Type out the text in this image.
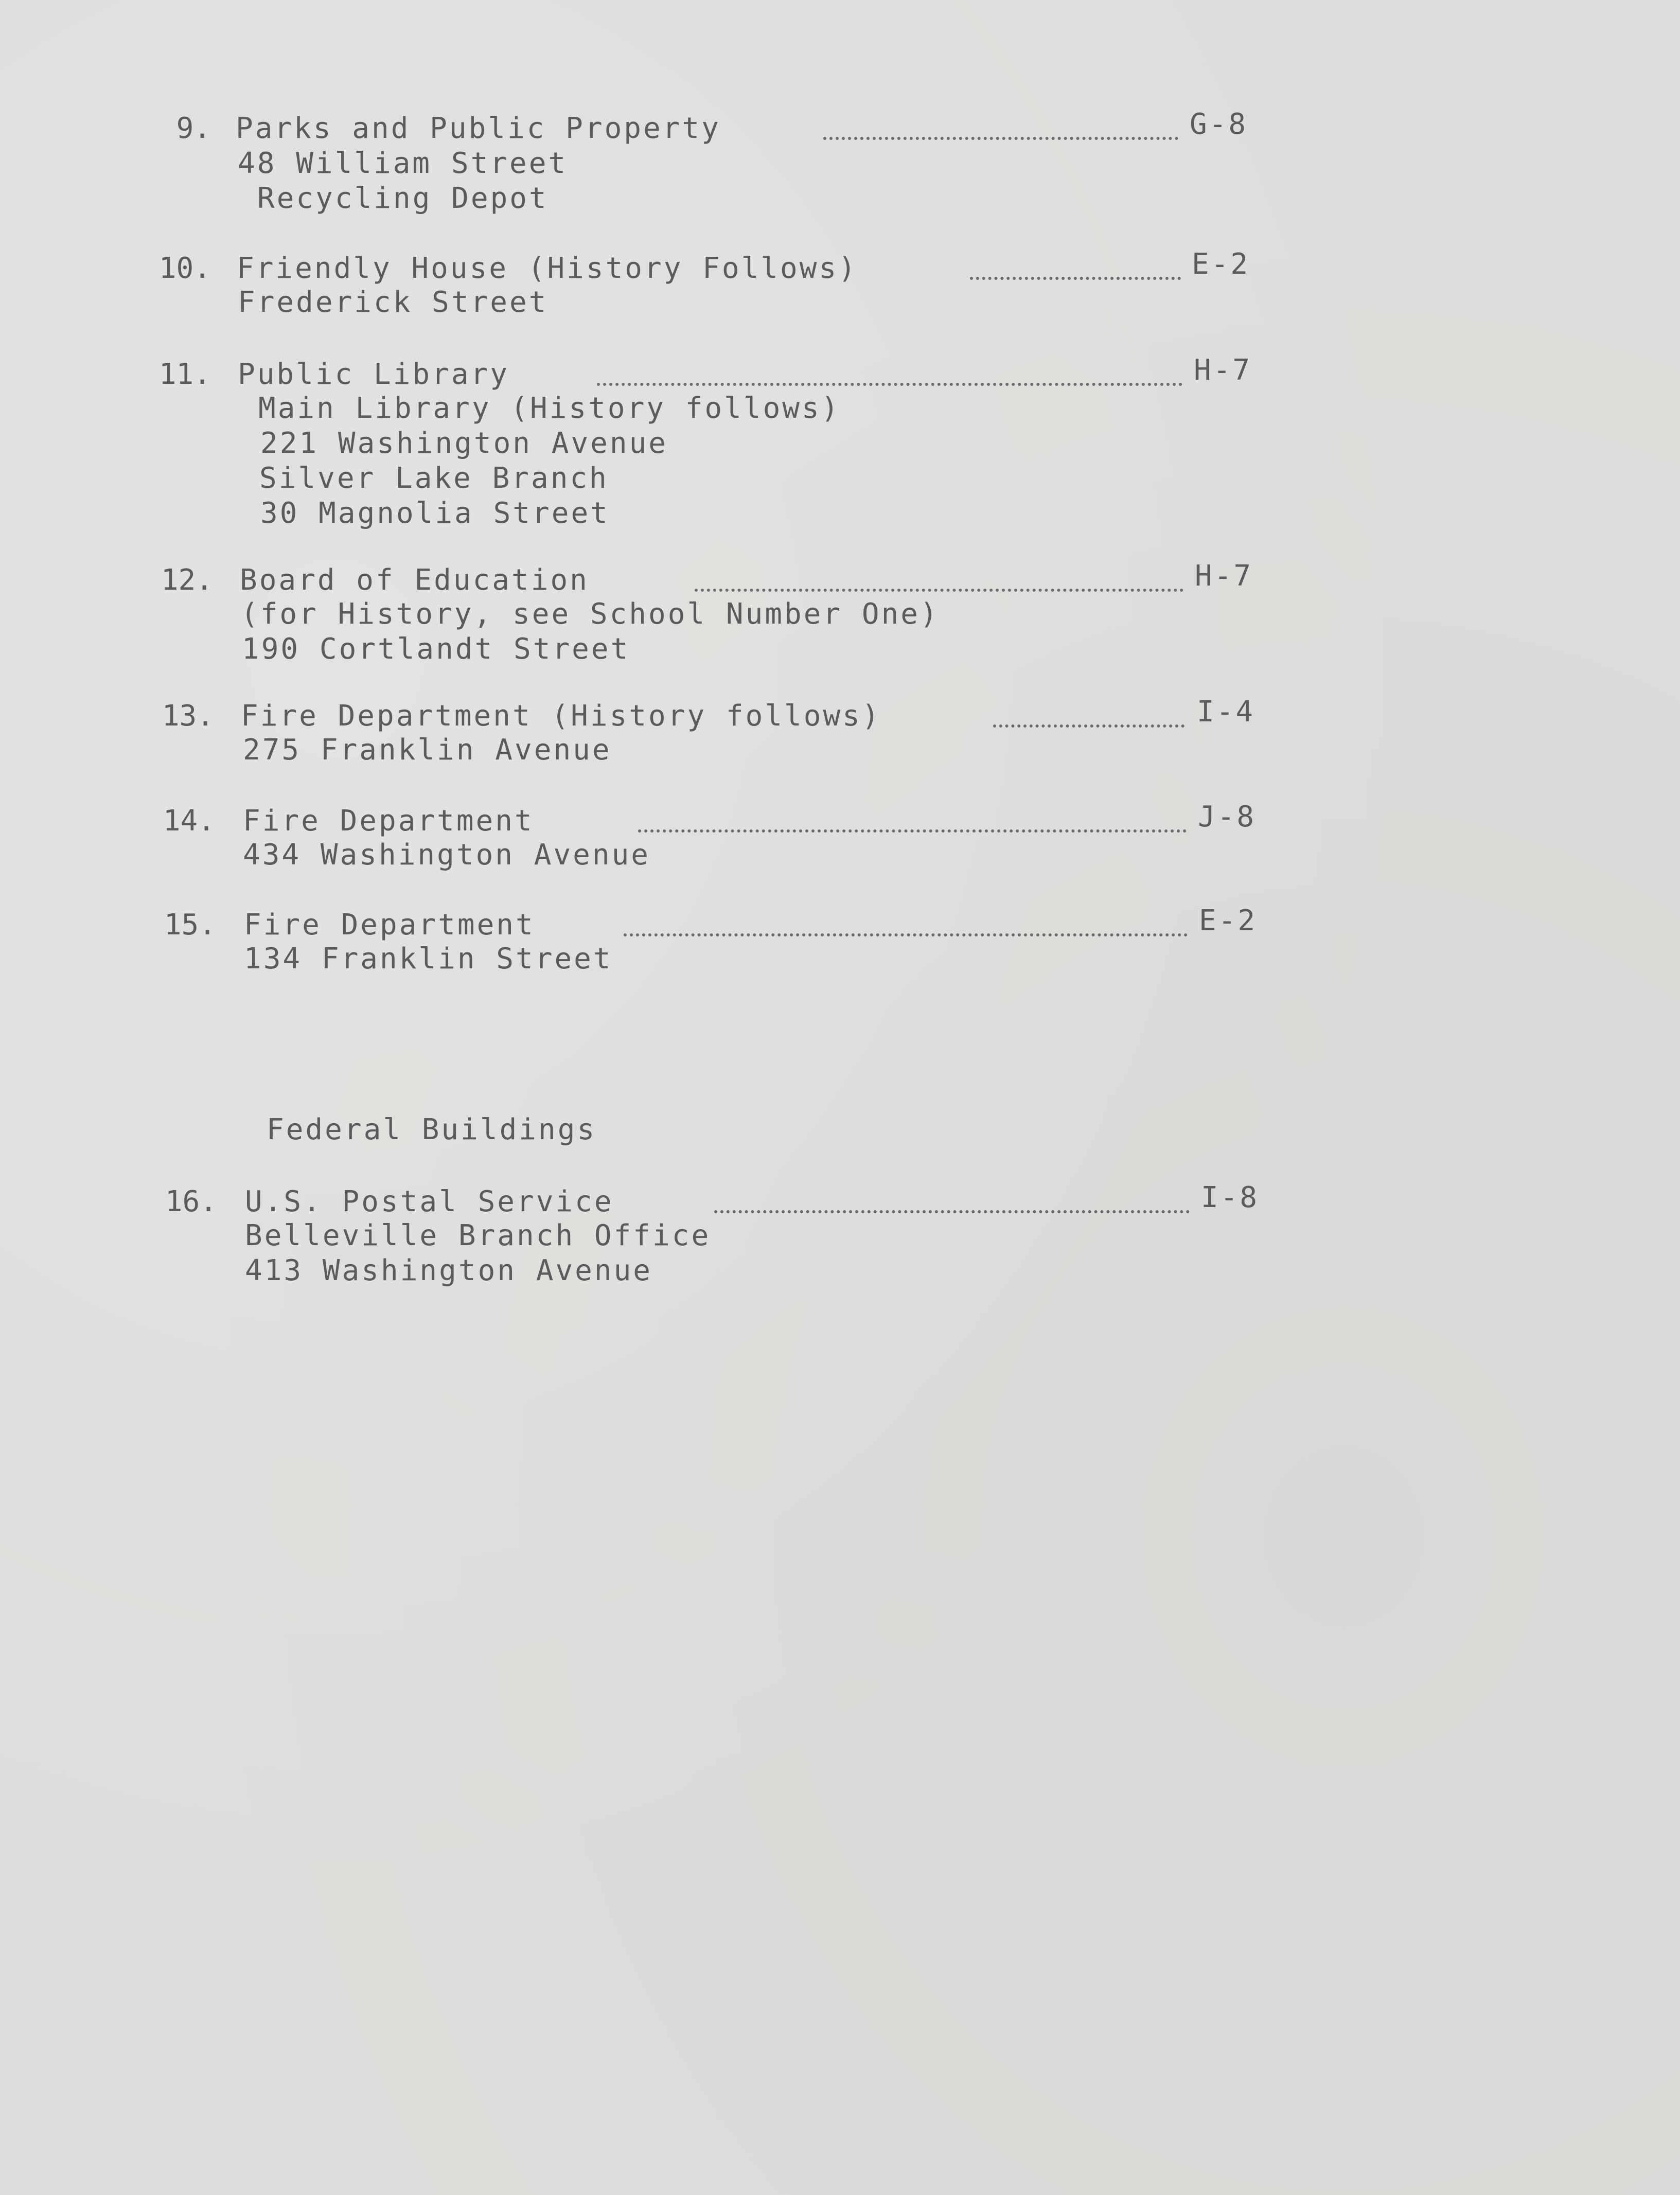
9. Parks and Public Property	G-8
48 William Street
Recycling Depot
10. Friendly House (History Follows)	E-2
Frederick Street
11. Public Library	H-7
Main Library (History follows)
221 Washington Avenue
Silver Lake Branch
30 Magnolia Street
12. Board of Education	H-7
(for History, see School Number One)
190 Cortlandt Street
13. Fire Department (History follows)	I-4
275 Franklin Avenue
14. Fire Department	J-8
434 Washington Avenue
15. Fire Department	E-2
134 Franklin Street
Federal Buildings
16. U.S. Postal Service	I-8
Belleville Branch Office
413 Washington Avenue
